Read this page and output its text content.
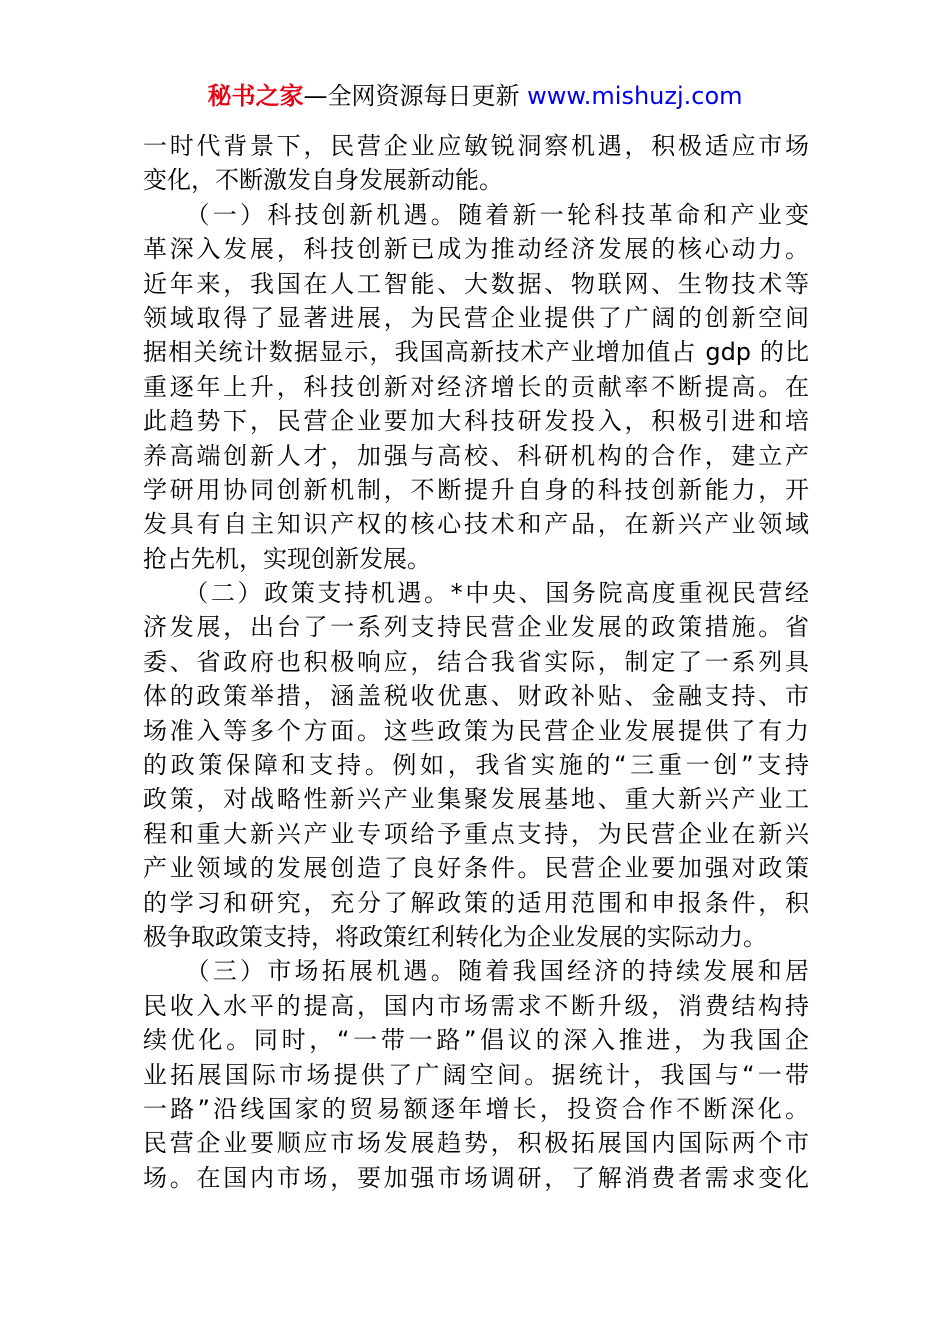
秘书之家—全网资源每日更新 www.mishuzj.com
一时代背景下，民营企业应敏锐洞察机遇，积极适应市场
变化，不断激发自身发展新动能。
　　（一）科技创新机遇。随着新一轮科技革命和产业变
革深入发展，科技创新已成为推动经济发展的核心动力。
近年来，我国在人工智能、大数据、物联网、生物技术等
领域取得了显著进展，为民营企业提供了广阔的创新空间
据相关统计数据显示，我国高新技术产业增加值占 gdp 的比
重逐年上升，科技创新对经济增长的贡献率不断提高。在
此趋势下，民营企业要加大科技研发投入，积极引进和培
养高端创新人才，加强与高校、科研机构的合作，建立产
学研用协同创新机制，不断提升自身的科技创新能力，开
发具有自主知识产权的核心技术和产品，在新兴产业领域
抢占先机，实现创新发展。
　　（二）政策支持机遇。*中央、国务院高度重视民营经
济发展，出台了一系列支持民营企业发展的政策措施。省
委、省政府也积极响应，结合我省实际，制定了一系列具
体的政策举措，涵盖税收优惠、财政补贴、金融支持、市
场准入等多个方面。这些政策为民营企业发展提供了有力
的政策保障和支持。例如，我省实施的“三重一创”支持
政策，对战略性新兴产业集聚发展基地、重大新兴产业工
程和重大新兴产业专项给予重点支持，为民营企业在新兴
产业领域的发展创造了良好条件。民营企业要加强对政策
的学习和研究，充分了解政策的适用范围和申报条件，积
极争取政策支持，将政策红利转化为企业发展的实际动力。
　　（三）市场拓展机遇。随着我国经济的持续发展和居
民收入水平的提高，国内市场需求不断升级，消费结构持
续优化。同时，“一带一路”倡议的深入推进，为我国企
业拓展国际市场提供了广阔空间。据统计，我国与“一带
一路”沿线国家的贸易额逐年增长，投资合作不断深化。
民营企业要顺应市场发展趋势，积极拓展国内国际两个市
场。在国内市场，要加强市场调研，了解消费者需求变化
